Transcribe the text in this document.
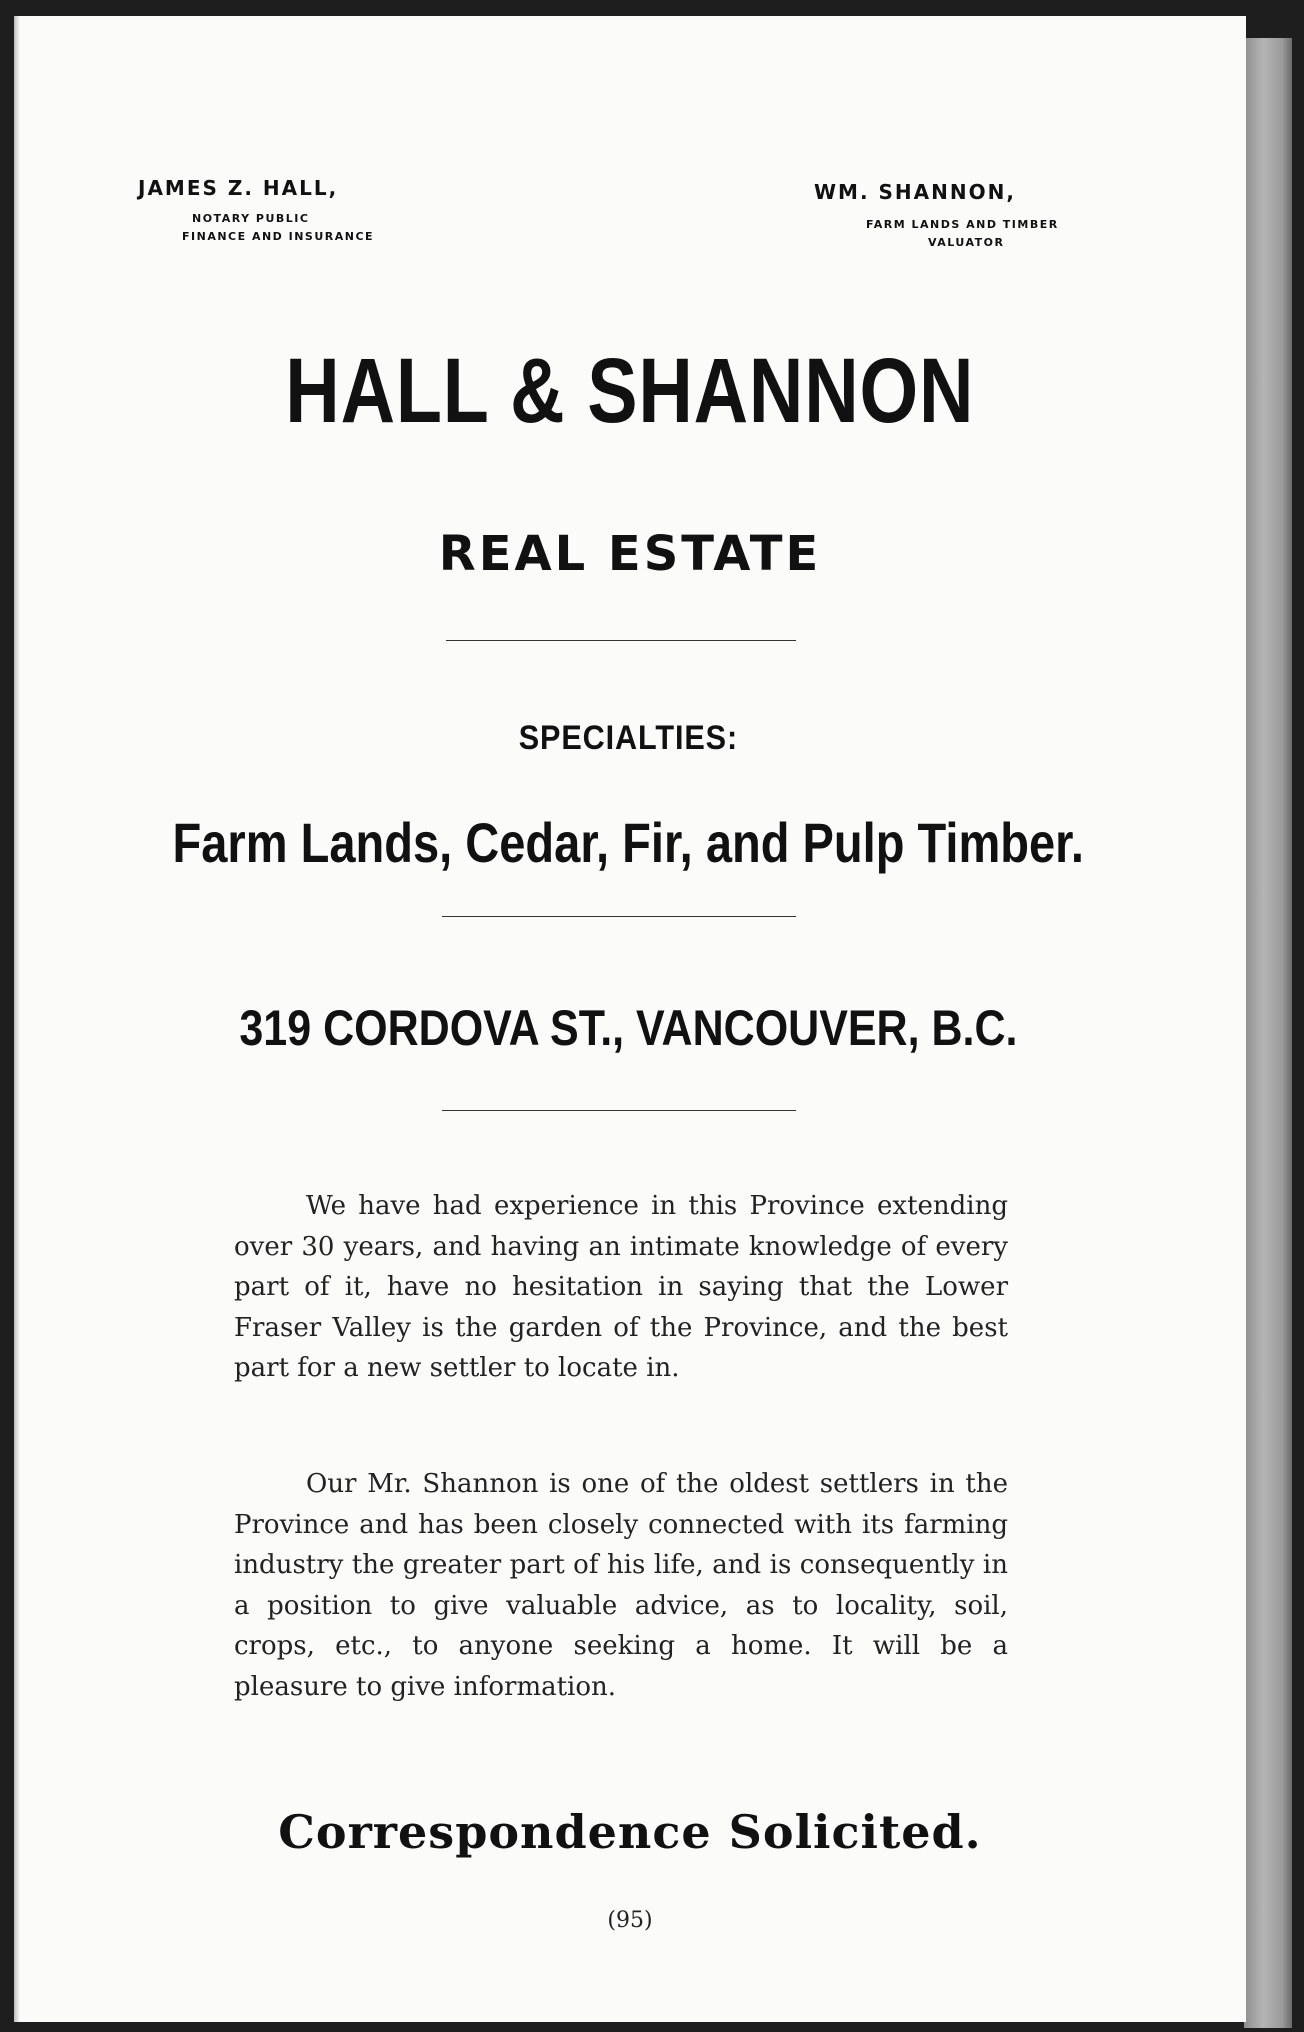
JAMES Z. HALL,
NOTARY PUBLIC
FINANCE AND INSURANCE
WM. SHANNON,
FARM LANDS AND TIMBER
VALUATOR
HALL & SHANNON
REAL ESTATE
SPECIALTIES:
Farm Lands, Cedar, Fir, and Pulp Timber.
319 CORDOVA ST., VANCOUVER, B.C.

We have had experience in this Province extending over 30 years, and having an intimate knowledge of every part of it, have no hesitation in saying that the Lower Fraser Valley is the garden of the Province, and the best part for a new settler to locate in.

Our Mr. Shannon is one of the oldest settlers in the Province and has been closely connected with its farming industry the greater part of his life, and is consequently in a position to give valuable advice, as to locality, soil, crops, etc., to anyone seeking a home. It will be a pleasure to give information.

Correspondence Solicited.
(95)
